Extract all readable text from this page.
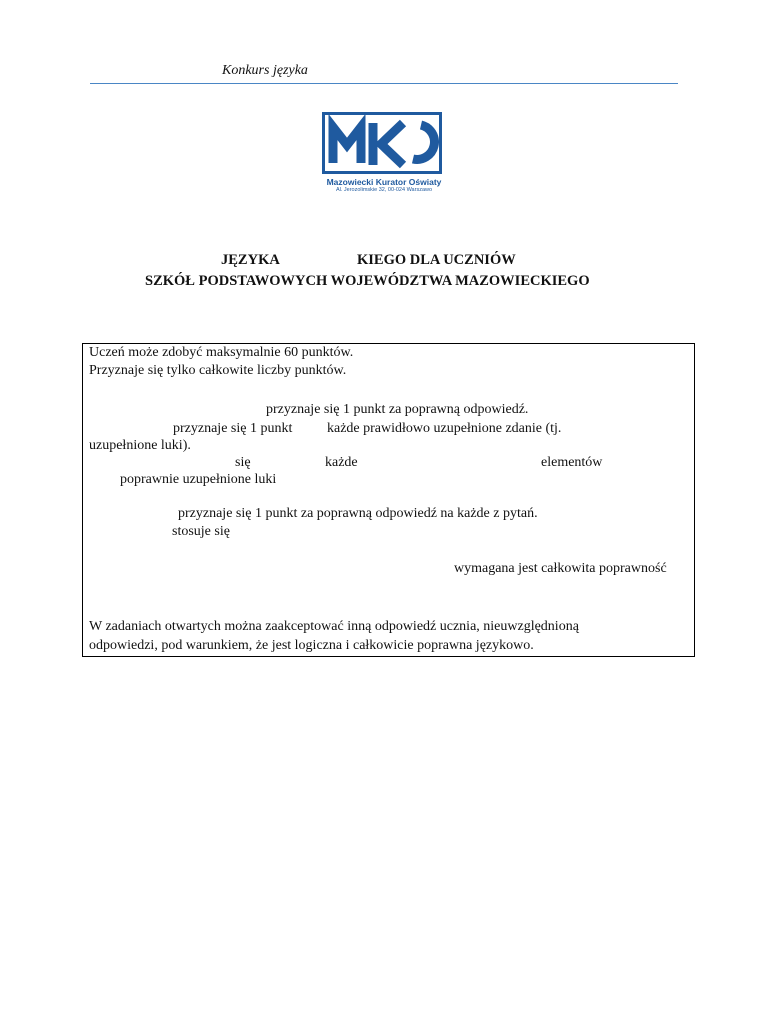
Konkurs języka
Mazowiecki Kurator Oświaty
Al. Jerozolimskie 32, 00-024 Warszawo
JĘZYKA	KIEGO DLA UCZNIÓW
SZKÓŁ PODSTAWOWYCH WOJEWÓDZTWA MAZOWIECKIEGO
Uczeń może zdobyć maksymalnie 60 punktów.
Przyznaje się tylko całkowite liczby punktów.
przyznaje się 1 punkt za poprawną odpowiedź.
przyznaje się 1 punkt każde prawidłowo uzupełnione zdanie (tj.
uzupełnione luki).
się	każde	elementów
poprawnie uzupełnione luki
przyznaje się 1 punkt za poprawną odpowiedź na każde z pytań.
stosuje się
wymagana jest całkowita poprawność
W zadaniach otwartych można zaakceptować inną odpowiedź ucznia, nieuwzględnioną
odpowiedzi, pod warunkiem, że jest logiczna i całkowicie poprawna językowo.
